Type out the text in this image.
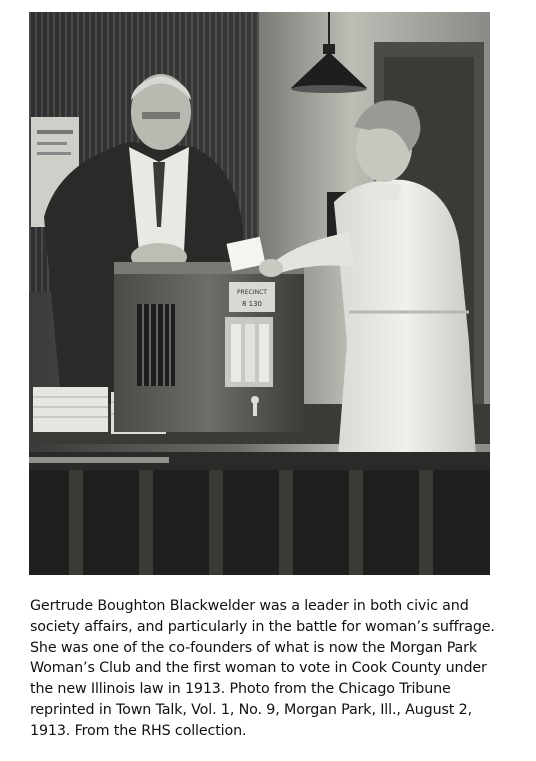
PRECINCT
8 130

Gertrude Boughton Blackwelder was a leader in both civic and society affairs, and particularly in the battle for woman’s suffrage. She was one of the co-founders of what is now the Morgan Park Woman’s Club and the first woman to vote in Cook County under the new Illinois law in 1913. Photo from the Chicago Tribune reprinted in Town Talk, Vol. 1, No. 9, Morgan Park, Ill., August 2, 1913. From the RHS collection.
